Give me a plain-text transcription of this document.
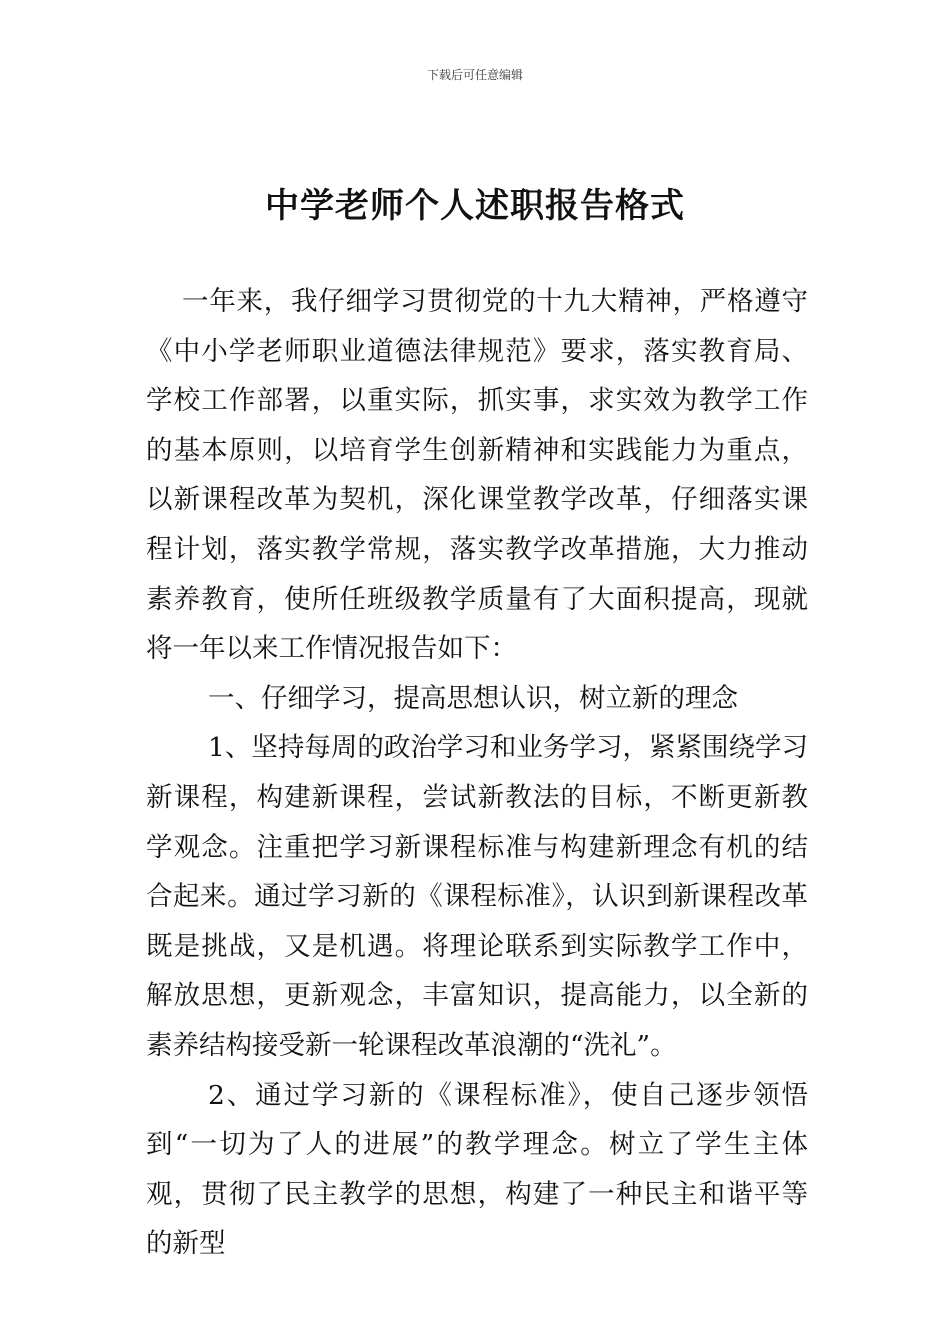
下载后可任意编辑
中学老师个人述职报告格式

一年来，我仔细学习贯彻党的十九大精神，严格遵守《中小学老师职业道德法律规范》要求，落实教育局、学校工作部署，以重实际，抓实事，求实效为教学工作的基本原则，以培育学生创新精神和实践能力为重点，以新课程改革为契机，深化课堂教学改革，仔细落实课程计划，落实教学常规，落实教学改革措施，大力推动素养教育，使所任班级教学质量有了大面积提高，现就将一年以来工作情况报告如下：

一、仔细学习，提高思想认识，树立新的理念

1、坚持每周的政治学习和业务学习，紧紧围绕学习新课程，构建新课程，尝试新教法的目标，不断更新教学观念。注重把学习新课程标准与构建新理念有机的结合起来。通过学习新的《课程标准》，认识到新课程改革既是挑战，又是机遇。将理论联系到实际教学工作中，解放思想，更新观念，丰富知识，提高能力，以全新的素养结构接受新一轮课程改革浪潮的“洗礼”。

2、通过学习新的《课程标准》，使自己逐步领悟到“一切为了人的进展”的教学理念。树立了学生主体观，贯彻了民主教学的思想，构建了一种民主和谐平等的新型
